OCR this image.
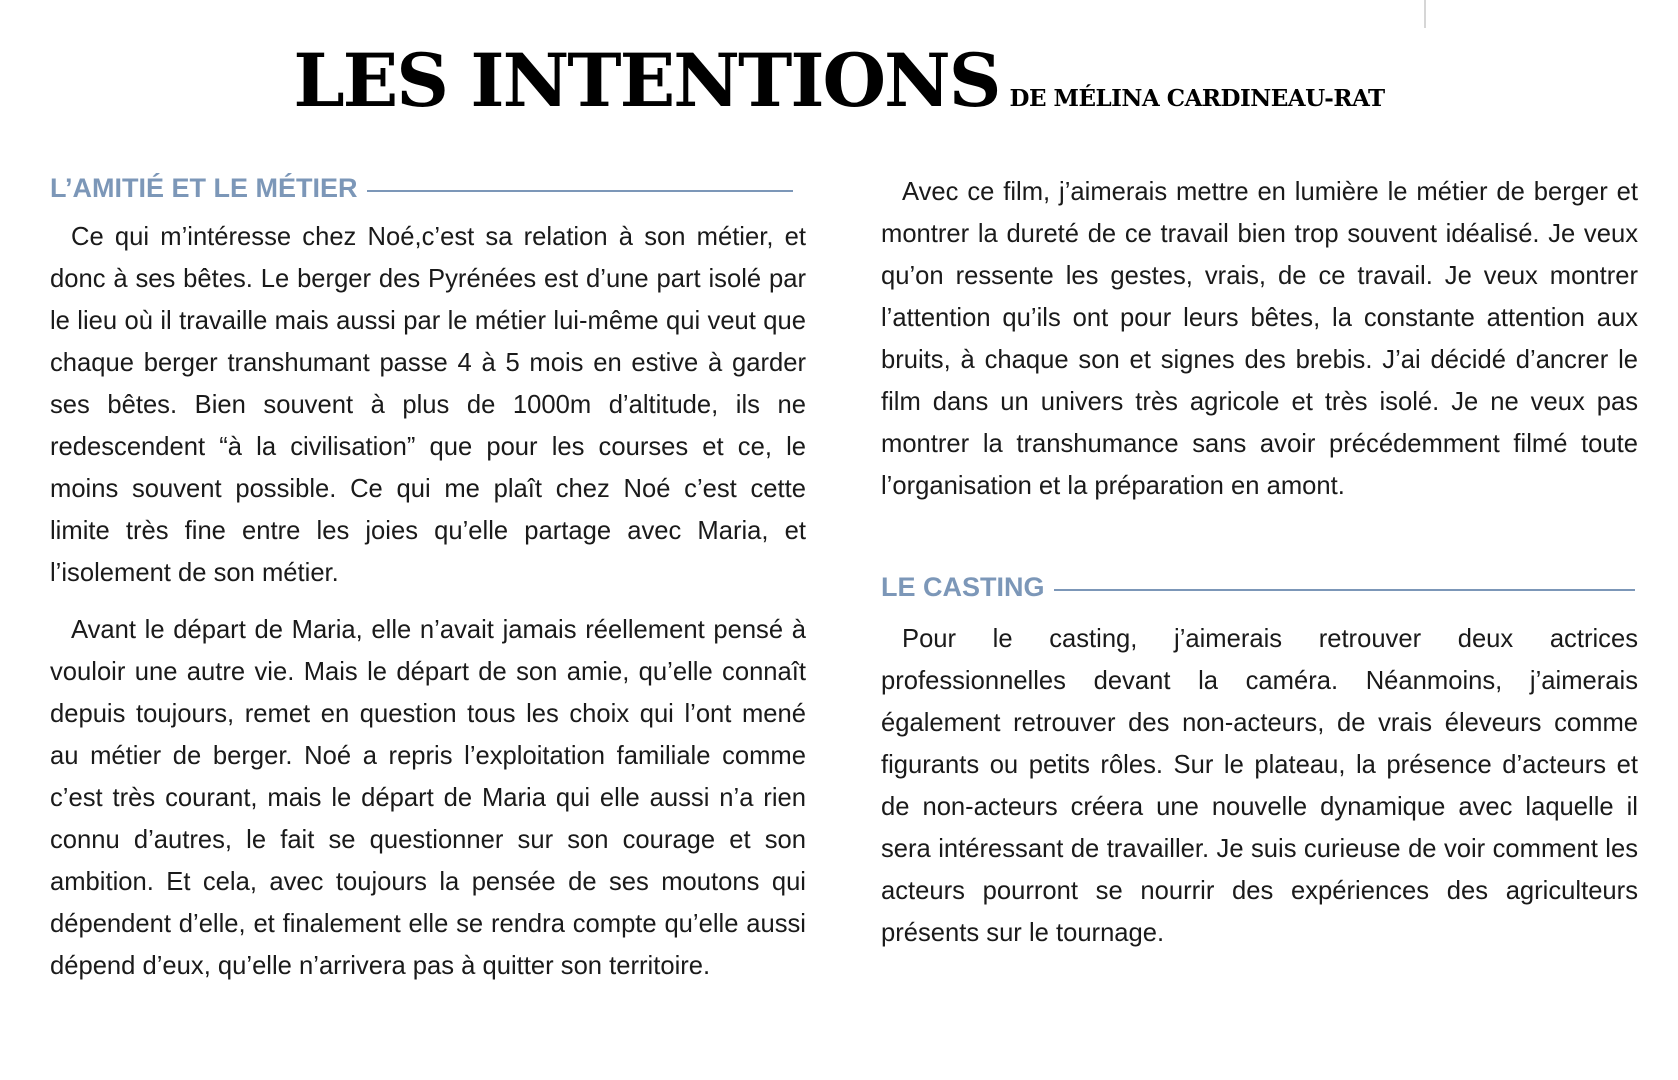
LES INTENTIONS DE MÉLINA CARDINEAU-RAT
L’AMITIÉ ET LE MÉTIER

Ce qui m’intéresse chez Noé,c’est sa relation à son métier, et donc à ses bêtes. Le berger des Pyrénées est d’une part isolé par le lieu où il travaille mais aussi par le métier lui-même qui veut que chaque berger transhumant passe 4 à 5 mois en estive à garder ses bêtes. Bien souvent à plus de 1000m d’altitude, ils ne redescendent “à la civilisation” que pour les courses et ce, le moins souvent possible. Ce qui me plaît chez Noé c’est cette limite très fine entre les joies qu’elle partage avec Maria, et l’isolement de son métier.

Avant le départ de Maria, elle n’avait jamais réellement pensé à vouloir une autre vie. Mais le départ de son amie, qu’elle connaît depuis toujours, remet en question tous les choix qui l’ont mené au métier de berger. Noé a repris l’exploitation familiale comme c’est très courant, mais le départ de Maria qui elle aussi n’a rien connu d’autres, le fait se questionner sur son courage et son ambition. Et cela, avec toujours la pensée de ses moutons qui dépendent d’elle, et finalement elle se rendra compte qu’elle aussi dépend d’eux, qu’elle n’arrivera pas à quitter son territoire.

Avec ce film, j’aimerais mettre en lumière le métier de berger et montrer la dureté de ce travail bien trop souvent idéalisé. Je veux qu’on ressente les gestes, vrais, de ce travail. Je veux montrer l’attention qu’ils ont pour leurs bêtes, la constante attention aux bruits, à chaque son et signes des brebis. J’ai décidé d’ancrer le film dans un univers très agricole et très isolé. Je ne veux pas montrer la transhumance sans avoir précédemment filmé toute l’organisation et la préparation en amont.

LE CASTING

Pour le casting, j’aimerais retrouver deux actrices professionnelles devant la caméra. Néanmoins, j’aimerais également retrouver des non-acteurs, de vrais éleveurs comme figurants ou petits rôles. Sur le plateau, la présence d’acteurs et de non-acteurs créera une nouvelle dynamique avec laquelle il sera intéressant de travailler. Je suis curieuse de voir comment les acteurs pourront se nourrir des expériences des agriculteurs présents sur le tournage.
